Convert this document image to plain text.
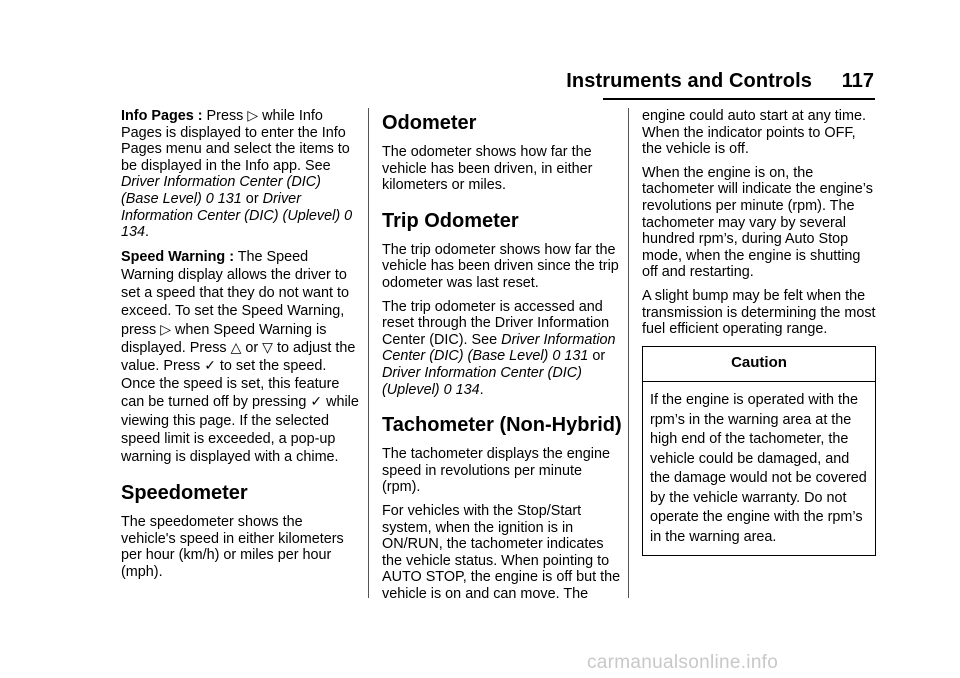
Instruments and Controls 117

Info Pages : Press ▷ while Info Pages is displayed to enter the Info Pages menu and select the items to be displayed in the Info app. See Driver Information Center (DIC) (Base Level) 0 131 or Driver Information Center (DIC) (Uplevel) 0 134.

Speed Warning : The Speed Warning display allows the driver to set a speed that they do not want to exceed. To set the Speed Warning, press ▷ when Speed Warning is displayed. Press △ or ▽ to adjust the value. Press ✓ to set the speed. Once the speed is set, this feature can be turned off by pressing ✓ while viewing this page. If the selected speed limit is exceeded, a pop-up warning is displayed with a chime.

Speedometer

The speedometer shows the vehicle's speed in either kilometers per hour (km/h) or miles per hour (mph).

Odometer

The odometer shows how far the vehicle has been driven, in either kilometers or miles.

Trip Odometer

The trip odometer shows how far the vehicle has been driven since the trip odometer was last reset.

The trip odometer is accessed and reset through the Driver Information Center (DIC). See Driver Information Center (DIC) (Base Level) 0 131 or Driver Information Center (DIC) (Uplevel) 0 134.

Tachometer (Non-Hybrid)

The tachometer displays the engine speed in revolutions per minute (rpm).

For vehicles with the Stop/Start system, when the ignition is in ON/RUN, the tachometer indicates the vehicle status. When pointing to AUTO STOP, the engine is off but the vehicle is on and can move. The

engine could auto start at any time. When the indicator points to OFF, the vehicle is off.

When the engine is on, the tachometer will indicate the engine’s revolutions per minute (rpm). The tachometer may vary by several hundred rpm’s, during Auto Stop mode, when the engine is shutting off and restarting.

A slight bump may be felt when the transmission is determining the most fuel efficient operating range.

Caution
If the engine is operated with the rpm’s in the warning area at the high end of the tachometer, the vehicle could be damaged, and the damage would not be covered by the vehicle warranty. Do not operate the engine with the rpm’s in the warning area.
carmanualsonline.info
